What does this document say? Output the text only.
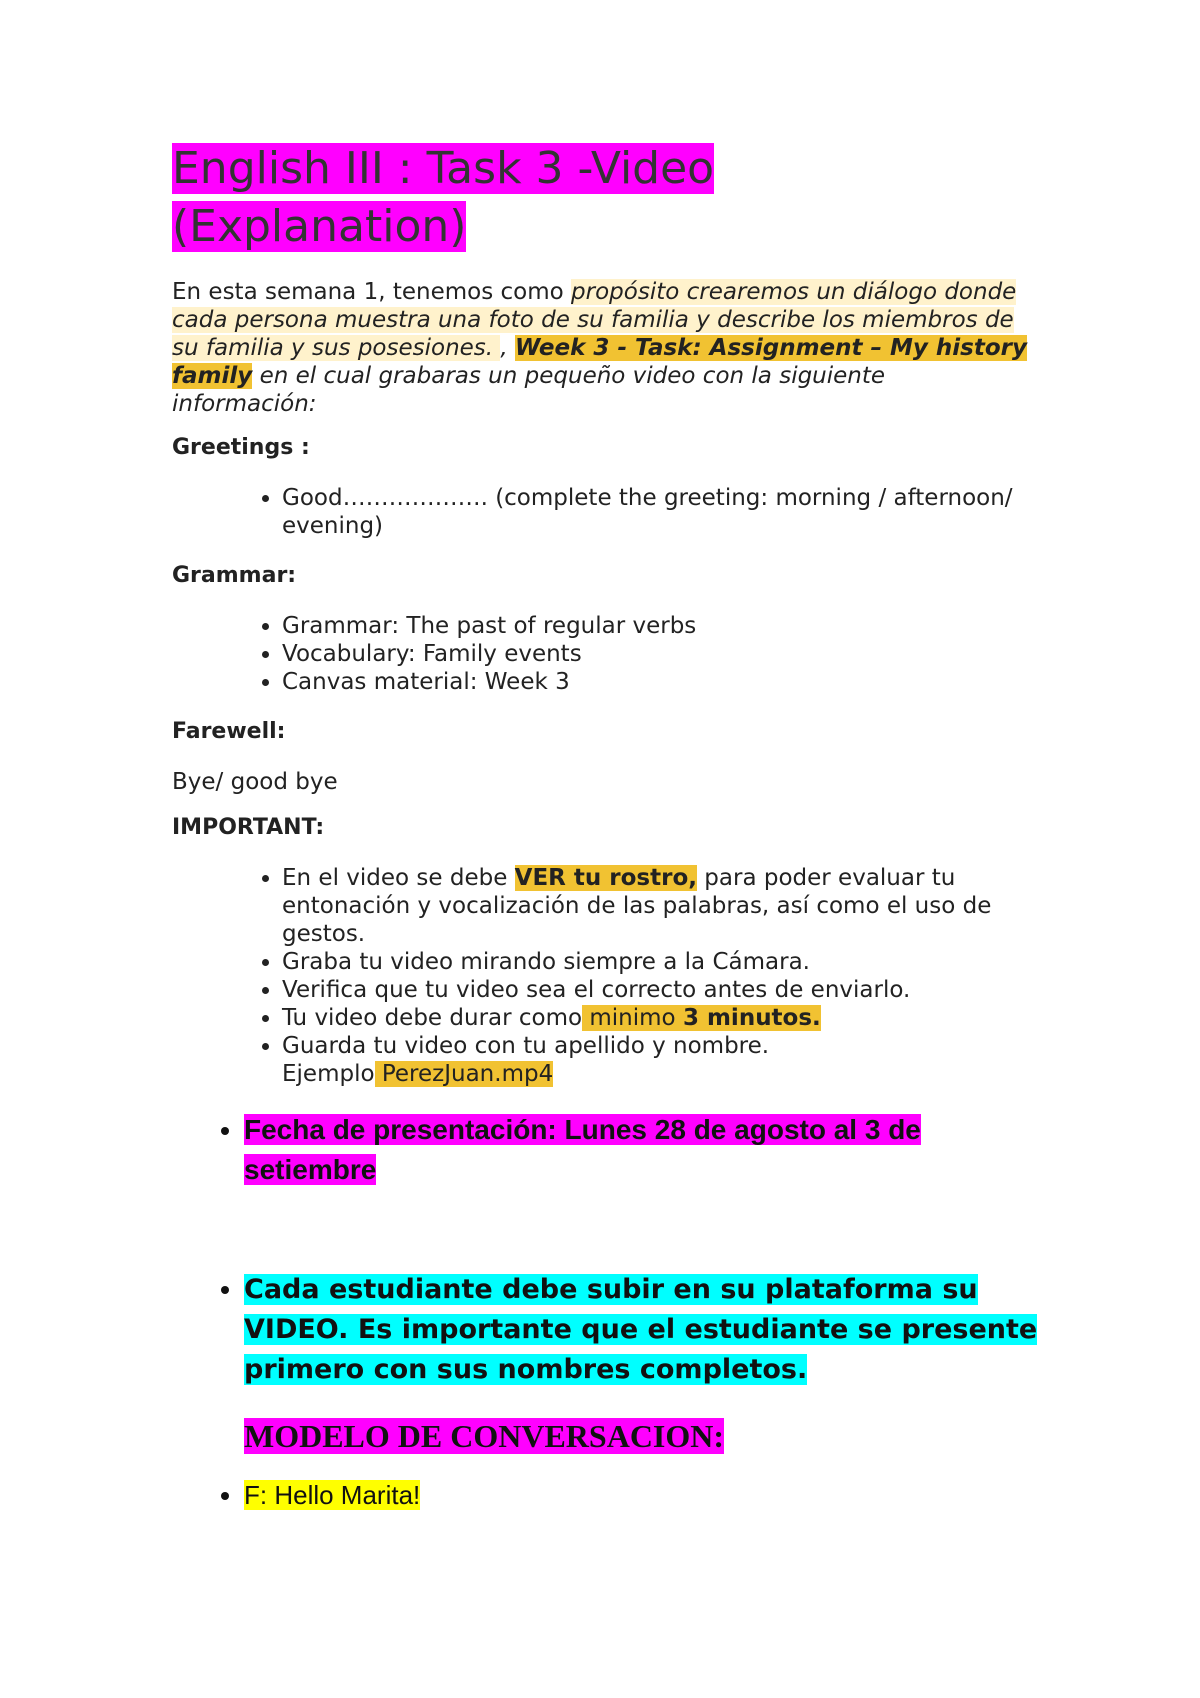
English III : Task 3 -Video
(Explanation)

En esta semana 1, tenemos como propósito crearemos un diálogo donde cada persona muestra una foto de su familia y describe los miembros de su familia y sus posesiones. , Week 3 - Task: Assignment – My history family en el cual grabaras un pequeño video con la siguiente información:

Greetings :
• Good………………. (complete the greeting: morning / afternoon/ evening)
Grammar:
• Grammar: The past of regular verbs
• Vocabulary: Family events
• Canvas material: Week 3
Farewell:

Bye/ good bye

IMPORTANT:
• En el video se debe VER tu rostro, para poder evaluar tu entonación y vocalización de las palabras, así como el uso de gestos.
• Graba tu video mirando siempre a la Cámara.
• Verifica que tu video sea el correcto antes de enviarlo.
• Tu video debe durar como minimo 3 minutos.
• Guarda tu video con tu apellido y nombre.
Ejemplo PerezJuan.mp4
• Fecha de presentación: Lunes 28 de agosto al 3 de setiembre
• Cada estudiante debe subir en su plataforma su VIDEO. Es importante que el estudiante se presente primero con sus nombres completos.
MODELO DE CONVERSACION:
• F: Hello Marita!
